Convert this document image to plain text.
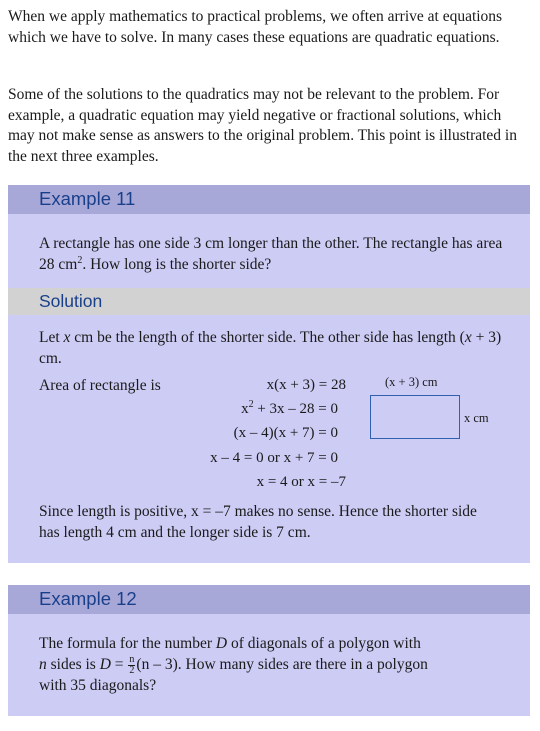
When we apply mathematics to practical problems, we often arrive at equations which we have to solve. In many cases these equations are quadratic equations.

Some of the solutions to the quadratics may not be relevant to the problem. For example, a quadratic equation may yield negative or fractional solutions, which may not make sense as answers to the original problem. This point is illustrated in the next three examples.

Example 11

A rectangle has one side 3 cm longer than the other. The rectangle has area 28 $cm^2$. How long is the shorter side?

Solution

Let x cm be the length of the shorter side. The other side has length (x + 3) cm.

Area of rectangle is	x(x + 3) = 28
$x^2 + 3x - 28 = 0$
(x – 4)(x + 7) = 0
x – 4 = 0 or x + 7 = 0
x = 4 or x = –7
(x + 3) cm
x cm

Since length is positive, x = –7 makes no sense. Hence the shorter side has length 4 cm and the longer side is 7 cm.

Example 12

The formula for the number D of diagonals of a polygon with
n sides is $D = \frac{n}{2} (n - 3)$. How many sides are there in a polygon
with 35 diagonals?
